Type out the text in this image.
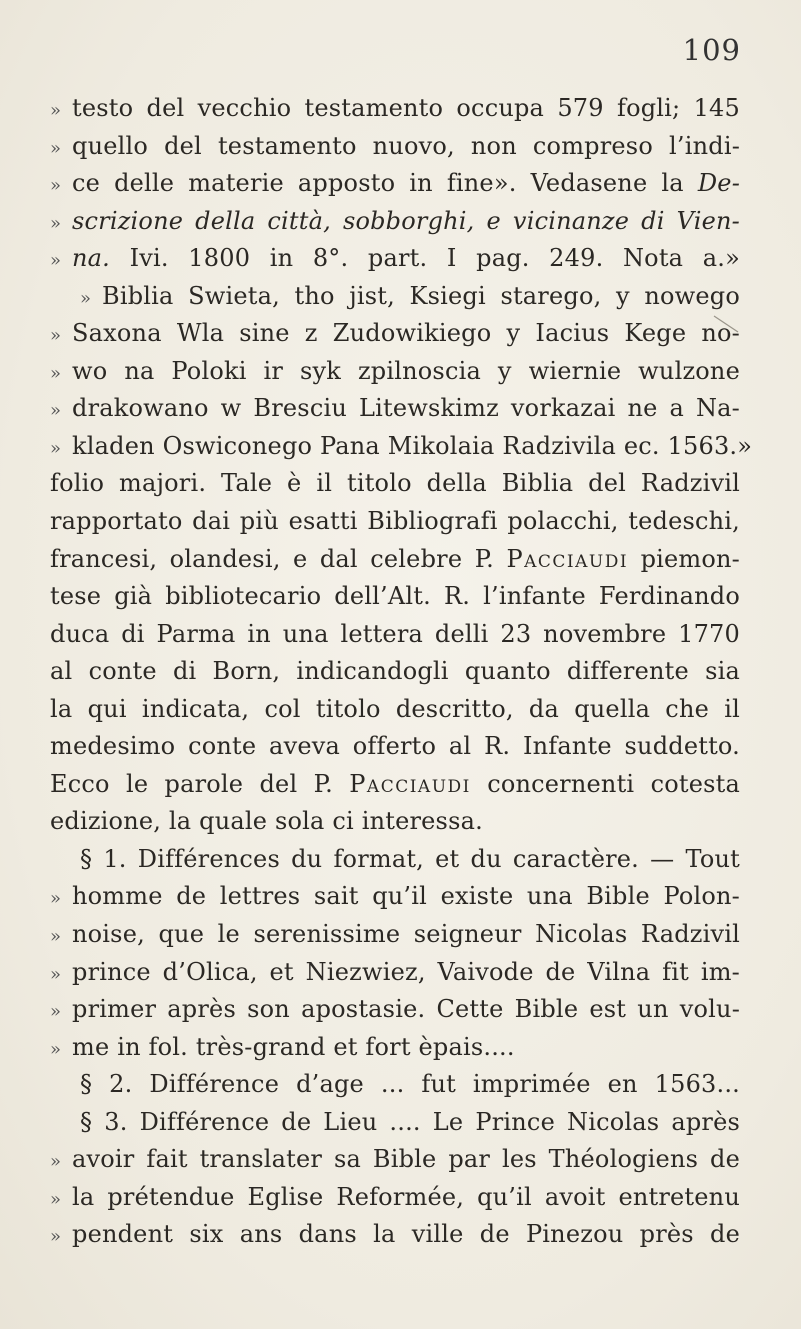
109
» testo del vecchio testamento occupa 579 fogli; 145
» quello del testamento nuovo, non compreso l’indi-
» ce delle materie apposto in fine». Vedasene la De-
» scrizione della città, sobborghi, e vicinanze di Vien-
» na. Ivi. 1800 in 8°. part. I pag. 249. Nota a.»
» Biblia Swieta, tho jist, Ksiegi starego, y nowego
» Saxona Wla sine z Zudowikiego y Iacius Kege no-
» wo na Poloki ir syk zpilnoscia y wiernie wulzone
» drakowano w Bresciu Litewskimz vorkazai ne a Na-
» kladen Oswiconego Pana Mikolaia Radzivila ec. 1563.»
folio majori. Tale è il titolo della Biblia del Radzivil
rapportato dai più esatti Bibliografi polacchi, tedeschi,
francesi, olandesi, e dal celebre P. Pacciaudi piemon-
tese già bibliotecario dell’Alt. R. l’infante Ferdinando
duca di Parma in una lettera delli 23 novembre 1770
al conte di Born, indicandogli quanto differente sia
la qui indicata, col titolo descritto, da quella che il
medesimo conte aveva offerto al R. Infante suddetto.
Ecco le parole del P. Pacciaudi concernenti cotesta
edizione, la quale sola ci interessa.
§ 1. Différences du format, et du caractère. — Tout
» homme de lettres sait qu’il existe una Bible Polon-
» noise, que le serenissime seigneur Nicolas Radzivil
» prince d’Olica, et Niezwiez, Vaivode de Vilna fit im-
» primer après son apostasie. Cette Bible est un volu-
» me in fol. très-grand et fort èpais....
§ 2. Différence d’age ... fut imprimée en 1563...
§ 3. Différence de Lieu .... Le Prince Nicolas après
» avoir fait translater sa Bible par les Théologiens de
» la prétendue Eglise Reformée, qu’il avoit entretenu
» pendent six ans dans la ville de Pinezou près de
